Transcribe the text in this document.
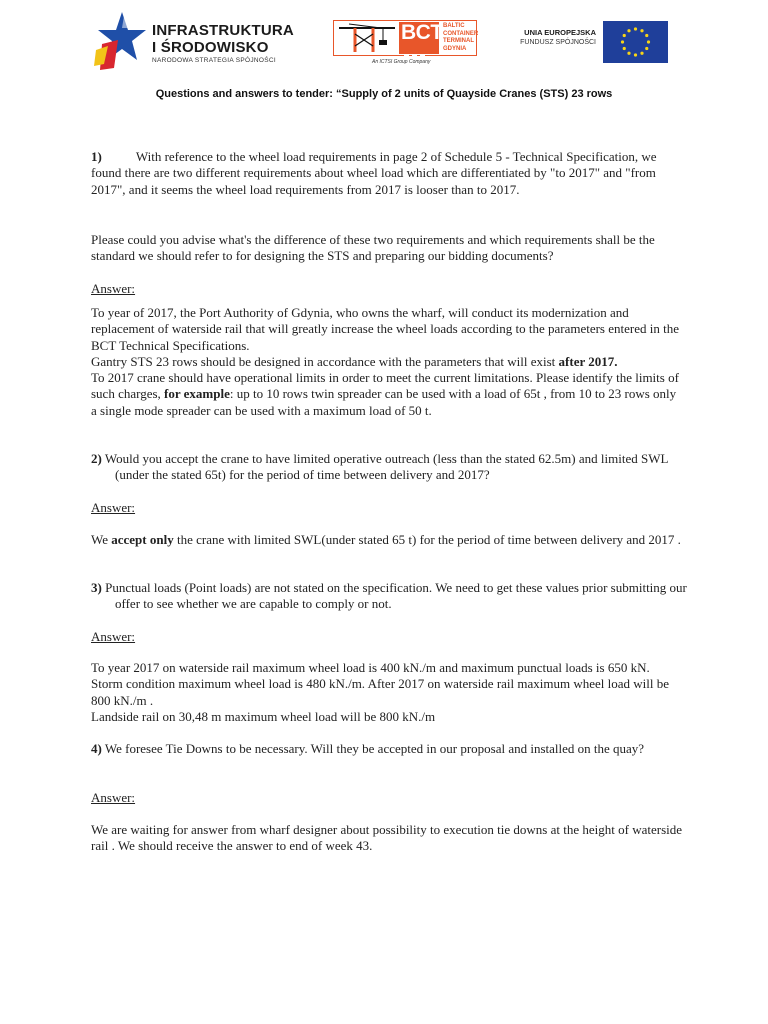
INFRASTRUKTURA
I ŚRODOWISKO
NARODOWA STRATEGIA SPÓJNOŚCI
BCT BALTIC
CONTAINER
TERMINAL
GDYNIA
An ICTSI Group Company
UNIA EUROPEJSKA
FUNDUSZ SPÓJNOŚCI
Questions and answers to tender: “Supply of 2 units of Quayside Cranes (STS) 23 rows
1)	With reference to the wheel load requirements in page 2 of Schedule 5 - Technical Specification, we found there are two different requirements about wheel load which are differentiated by "to 2017" and "from 2017", and it seems the wheel load requirements from 2017 is looser than to 2017.
Please could you advise what's the difference of these two requirements and which requirements shall be the standard we should refer to for designing the STS and preparing our bidding documents?
Answer:

To year of 2017, the Port Authority of Gdynia, who owns the wharf, will conduct its modernization and replacement of waterside rail that will greatly increase the wheel loads according to the parameters entered in the BCT Technical Specifications.

Gantry STS 23 rows should be designed in accordance with the parameters that will exist after 2017.

To 2017 crane should have operational limits in order to meet the current limitations. Please identify the limits of such charges, for example: up to 10 rows twin spreader can be used with a load of 65t , from 10 to 23 rows only a single mode spreader can be used with a maximum load of 50 t.

2) Would you accept the crane to have limited operative outreach (less than the stated 62.5m) and limited SWL (under the stated 65t) for the period of time between delivery and 2017?
Answer:

We accept only the crane with limited SWL(under stated 65 t) for the period of time between delivery and 2017 .

3) Punctual loads (Point loads) are not stated on the specification. We need to get these values prior submitting our offer to see whether we are capable to comply or not.
Answer:

To year 2017 on waterside rail maximum wheel load is 400 kN./m and maximum punctual loads is 650 kN. Storm condition maximum wheel load is 480 kN./m. After 2017 on waterside rail maximum wheel load will be 800 kN./m .

Landside rail on 30,48 m maximum wheel load will be 800 kN./m

4) We foresee Tie Downs to be necessary. Will they be accepted in our proposal and installed on the quay?
Answer:

We are waiting for answer from wharf designer about possibility to execution tie downs at the height of waterside rail . We should receive the answer to end of week 43.
